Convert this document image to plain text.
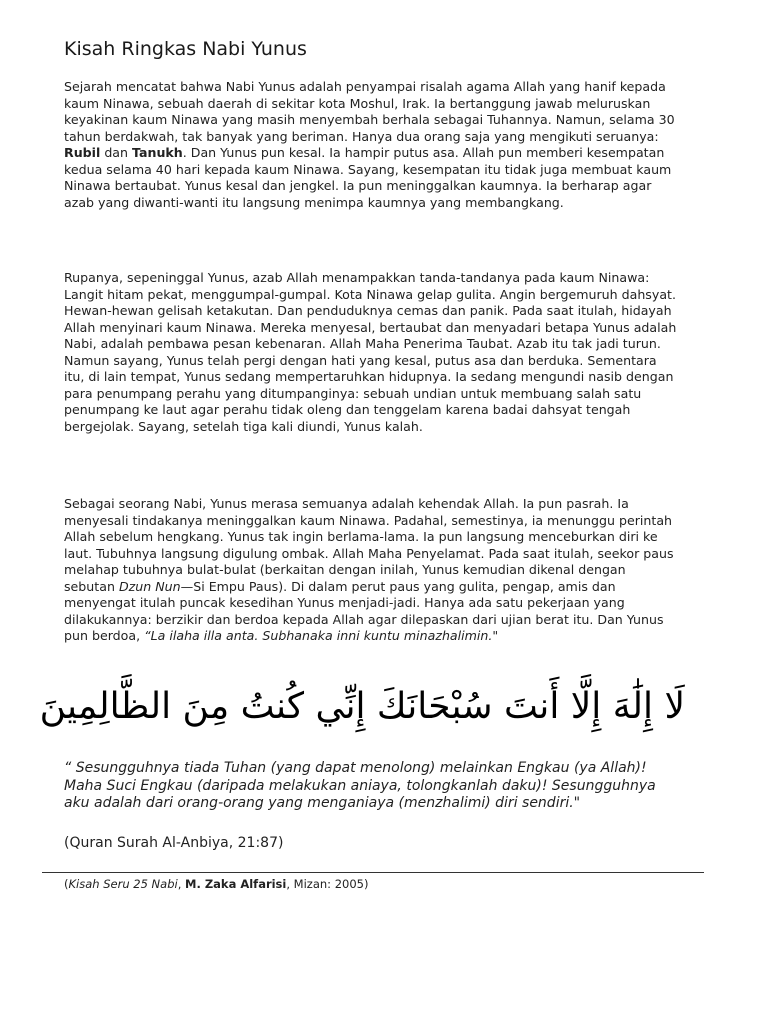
Kisah Ringkas Nabi Yunus

Sejarah mencatat bahwa Nabi Yunus adalah penyampai risalah agama Allah yang hanif kepada kaum Ninawa, sebuah daerah di sekitar kota Moshul, Irak. Ia bertanggung jawab meluruskan keyakinan kaum Ninawa yang masih menyembah berhala sebagai Tuhannya. Namun, selama 30 tahun berdakwah, tak banyak yang beriman. Hanya dua orang saja yang mengikuti seruanya: Rubil dan Tanukh. Dan Yunus pun kesal. Ia hampir putus asa. Allah pun memberi kesempatan kedua selama 40 hari kepada kaum Ninawa. Sayang, kesempatan itu tidak juga membuat kaum Ninawa bertaubat. Yunus kesal dan jengkel. Ia pun meninggalkan kaumnya. Ia berharap agar azab yang diwanti-wanti itu langsung menimpa kaumnya yang membangkang.

Rupanya, sepeninggal Yunus, azab Allah menampakkan tanda-tandanya pada kaum Ninawa: Langit hitam pekat, menggumpal-gumpal. Kota Ninawa gelap gulita. Angin bergemuruh dahsyat. Hewan-hewan gelisah ketakutan. Dan penduduknya cemas dan panik. Pada saat itulah, hidayah Allah menyinari kaum Ninawa. Mereka menyesal, bertaubat dan menyadari betapa Yunus adalah Nabi, adalah pembawa pesan kebenaran. Allah Maha Penerima Taubat. Azab itu tak jadi turun. Namun sayang, Yunus telah pergi dengan hati yang kesal, putus asa dan berduka. Sementara itu, di lain tempat, Yunus sedang mempertaruhkan hidupnya. Ia sedang mengundi nasib dengan para penumpang perahu yang ditumpanginya: sebuah undian untuk membuang salah satu penumpang ke laut agar perahu tidak oleng dan tenggelam karena badai dahsyat tengah bergejolak. Sayang, setelah tiga kali diundi, Yunus kalah.

Sebagai seorang Nabi, Yunus merasa semuanya adalah kehendak Allah. Ia pun pasrah. Ia menyesali tindakanya meninggalkan kaum Ninawa. Padahal, semestinya, ia menunggu perintah Allah sebelum hengkang. Yunus tak ingin berlama-lama. Ia pun langsung menceburkan diri ke laut. Tubuhnya langsung digulung ombak. Allah Maha Penyelamat. Pada saat itulah, seekor paus melahap tubuhnya bulat-bulat (berkaitan dengan inilah, Yunus kemudian dikenal dengan sebutan Dzun Nun—Si Empu Paus). Di dalam perut paus yang gulita, pengap, amis dan menyengat itulah puncak kesedihan Yunus menjadi-jadi. Hanya ada satu pekerjaan yang dilakukannya: berzikir dan berdoa kepada Allah agar dilepaskan dari ujian berat itu. Dan Yunus pun berdoa, “La ilaha illa anta. Subhanaka inni kuntu minazhalimin."

لَا إِلَٰهَ إِلَّا أَنتَ سُبْحَانَكَ إِنِّي كُنتُ مِنَ الظَّالِمِينَ
“ Sesungguhnya tiada Tuhan (yang dapat menolong) melainkan Engkau (ya Allah)! Maha Suci Engkau (daripada melakukan aniaya, tolongkanlah daku)! Sesungguhnya aku adalah dari orang-orang yang menganiaya (menzhalimi) diri sendiri."
(Quran Surah Al-Anbiya, 21:87)
(Kisah Seru 25 Nabi, M. Zaka Alfarisi, Mizan: 2005)
